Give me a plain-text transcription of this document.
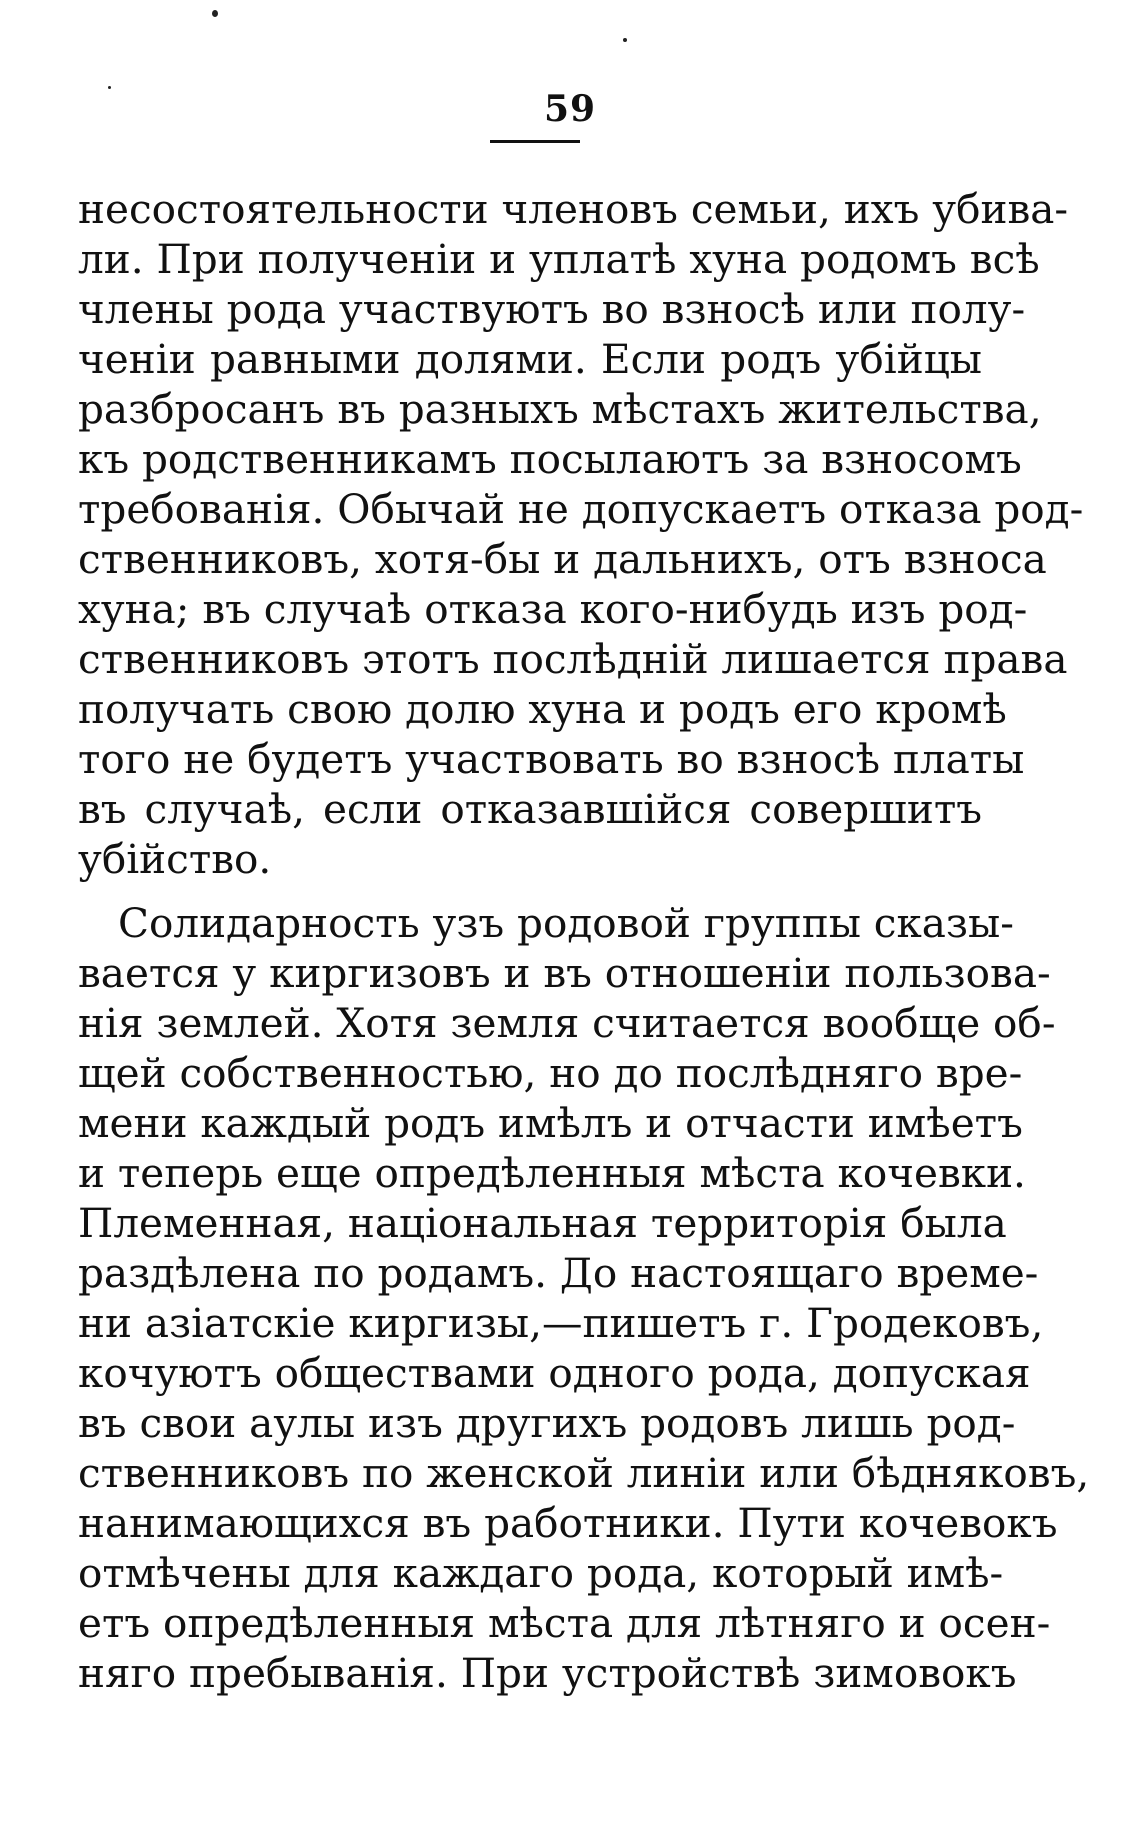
59
несостоятельности членовъ семьи, ихъ убива-
ли. При полученіи и уплатѣ хуна родомъ всѣ
члены рода участвуютъ во взносѣ или полу-
ченіи равными долями. Если родъ убійцы
разбросанъ въ разныхъ мѣстахъ жительства,
къ родственникамъ посылаютъ за взносомъ
требованія. Обычай не допускаетъ отказа род-
ственниковъ, хотя-бы и дальнихъ, отъ взноса
хуна; въ случаѣ отказа кого-нибудь изъ род-
ственниковъ этотъ послѣдній лишается права
получать свою долю хуна и родъ его кромѣ
того не будетъ участвовать во взносѣ платы
въ случаѣ, если отказавшійся совершитъ
убійство.
Солидарность узъ родовой группы сказы-
вается у киргизовъ и въ отношеніи пользова-
нія землей. Хотя земля считается вообще об-
щей собственностью, но до послѣдняго вре-
мени каждый родъ имѣлъ и отчасти имѣетъ
и теперь еще опредѣленныя мѣста кочевки.
Племенная, національная территорія была
раздѣлена по родамъ. До настоящаго време-
ни азіатскіе киргизы,—пишетъ г. Гродековъ,
кочуютъ обществами одного рода, допуская
въ свои аулы изъ другихъ родовъ лишь род-
ственниковъ по женской линіи или бѣдняковъ,
нанимающихся въ работники. Пути кочевокъ
отмѣчены для каждаго рода, который имѣ-
етъ опредѣленныя мѣста для лѣтняго и осен-
няго пребыванія. При устройствѣ зимовокъ
